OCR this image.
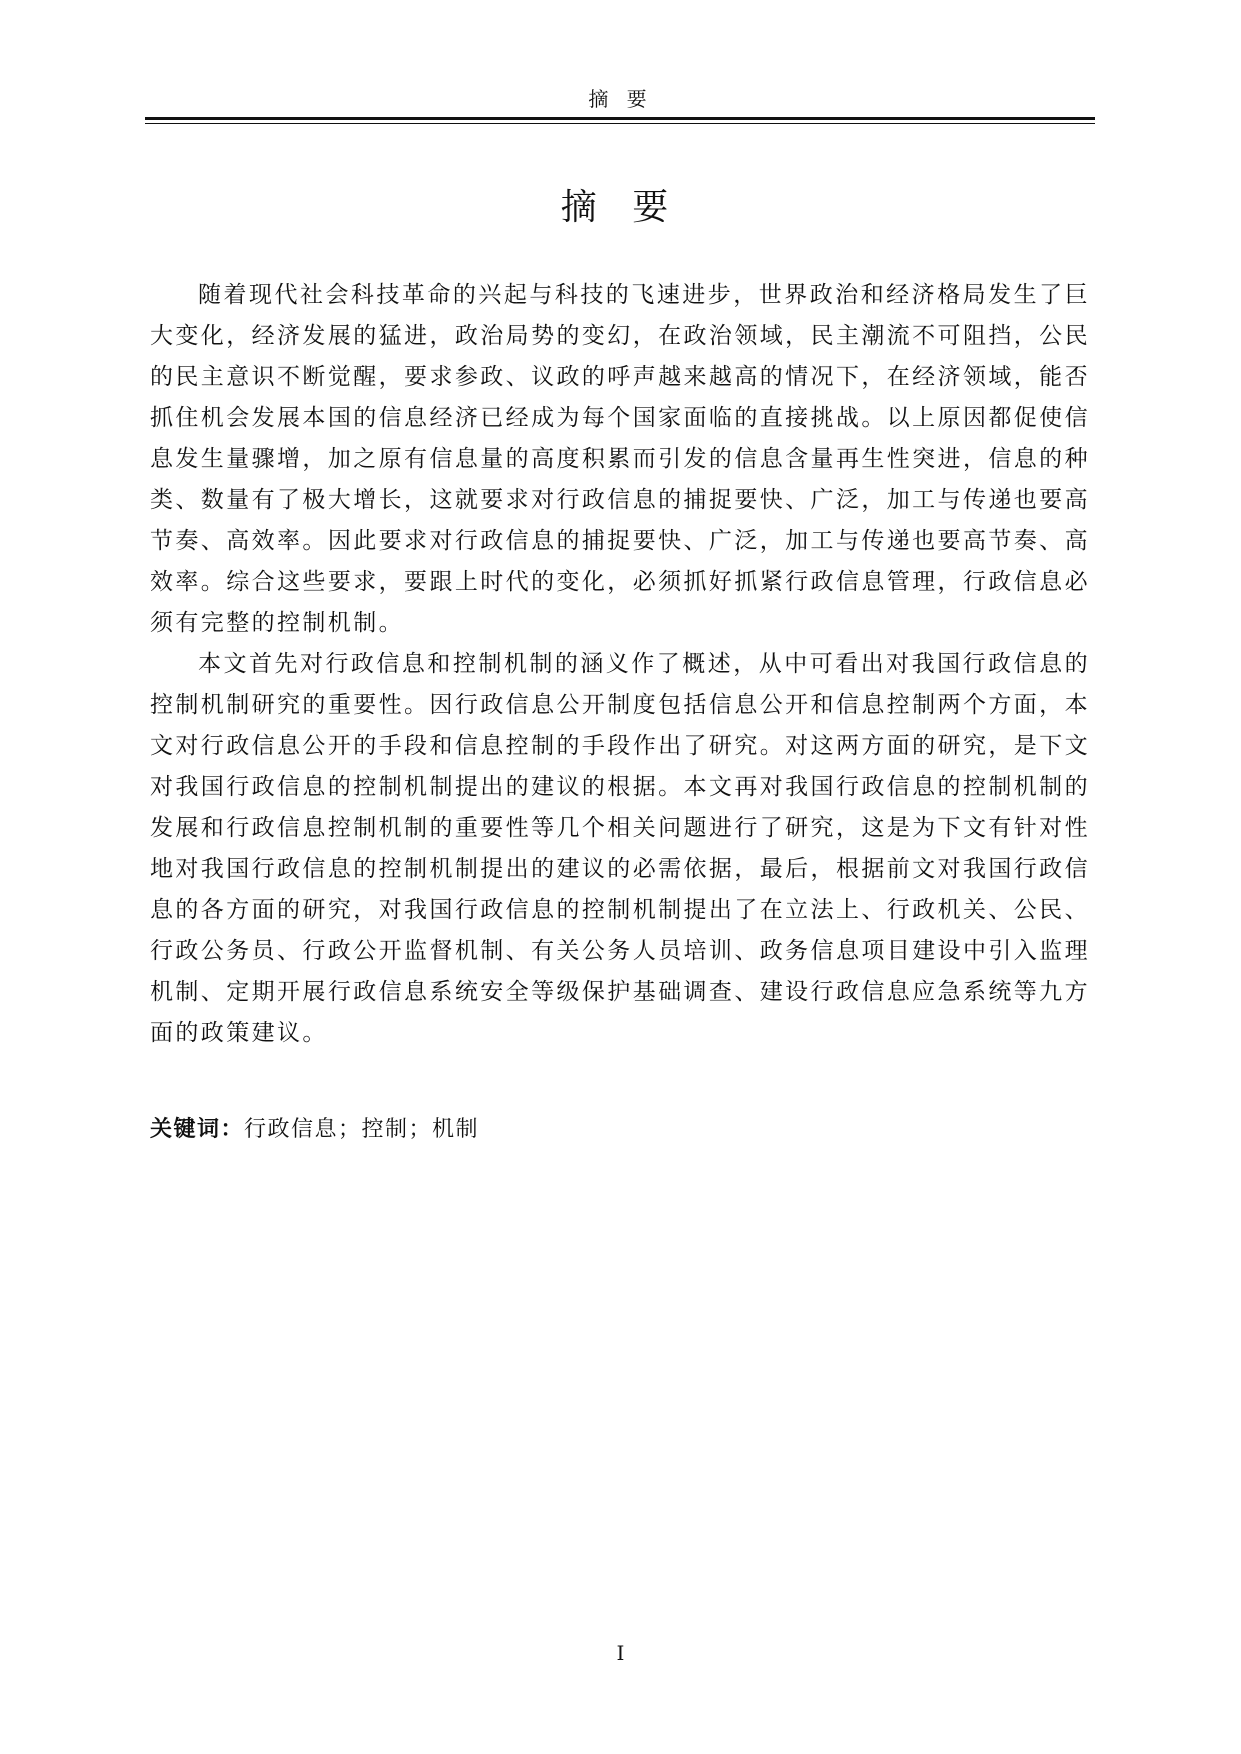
摘 要
摘 要

随着现代社会科技革命的兴起与科技的飞速进步，世界政治和经济格局发生了巨大变化，经济发展的猛进，政治局势的变幻，在政治领域，民主潮流不可阻挡，公民的民主意识不断觉醒，要求参政、议政的呼声越来越高的情况下，在经济领域，能否抓住机会发展本国的信息经济已经成为每个国家面临的直接挑战。以上原因都促使信息发生量骤增，加之原有信息量的高度积累而引发的信息含量再生性突进，信息的种类、数量有了极大增长，这就要求对行政信息的捕捉要快、广泛，加工与传递也要高节奏、高效率。因此要求对行政信息的捕捉要快、广泛，加工与传递也要高节奏、高效率。综合这些要求，要跟上时代的变化，必须抓好抓紧行政信息管理，行政信息必须有完整的控制机制。

本文首先对行政信息和控制机制的涵义作了概述，从中可看出对我国行政信息的控制机制研究的重要性。因行政信息公开制度包括信息公开和信息控制两个方面，本文对行政信息公开的手段和信息控制的手段作出了研究。对这两方面的研究，是下文对我国行政信息的控制机制提出的建议的根据。本文再对我国行政信息的控制机制的发展和行政信息控制机制的重要性等几个相关问题进行了研究，这是为下文有针对性地对我国行政信息的控制机制提出的建议的必需依据，最后，根据前文对我国行政信息的各方面的研究，对我国行政信息的控制机制提出了在立法上、行政机关、公民、行政公务员、行政公开监督机制、有关公务人员培训、政务信息项目建设中引入监理机制、定期开展行政信息系统安全等级保护基础调查、建设行政信息应急系统等九方面的政策建议。

关键词：行政信息；控制；机制
I
